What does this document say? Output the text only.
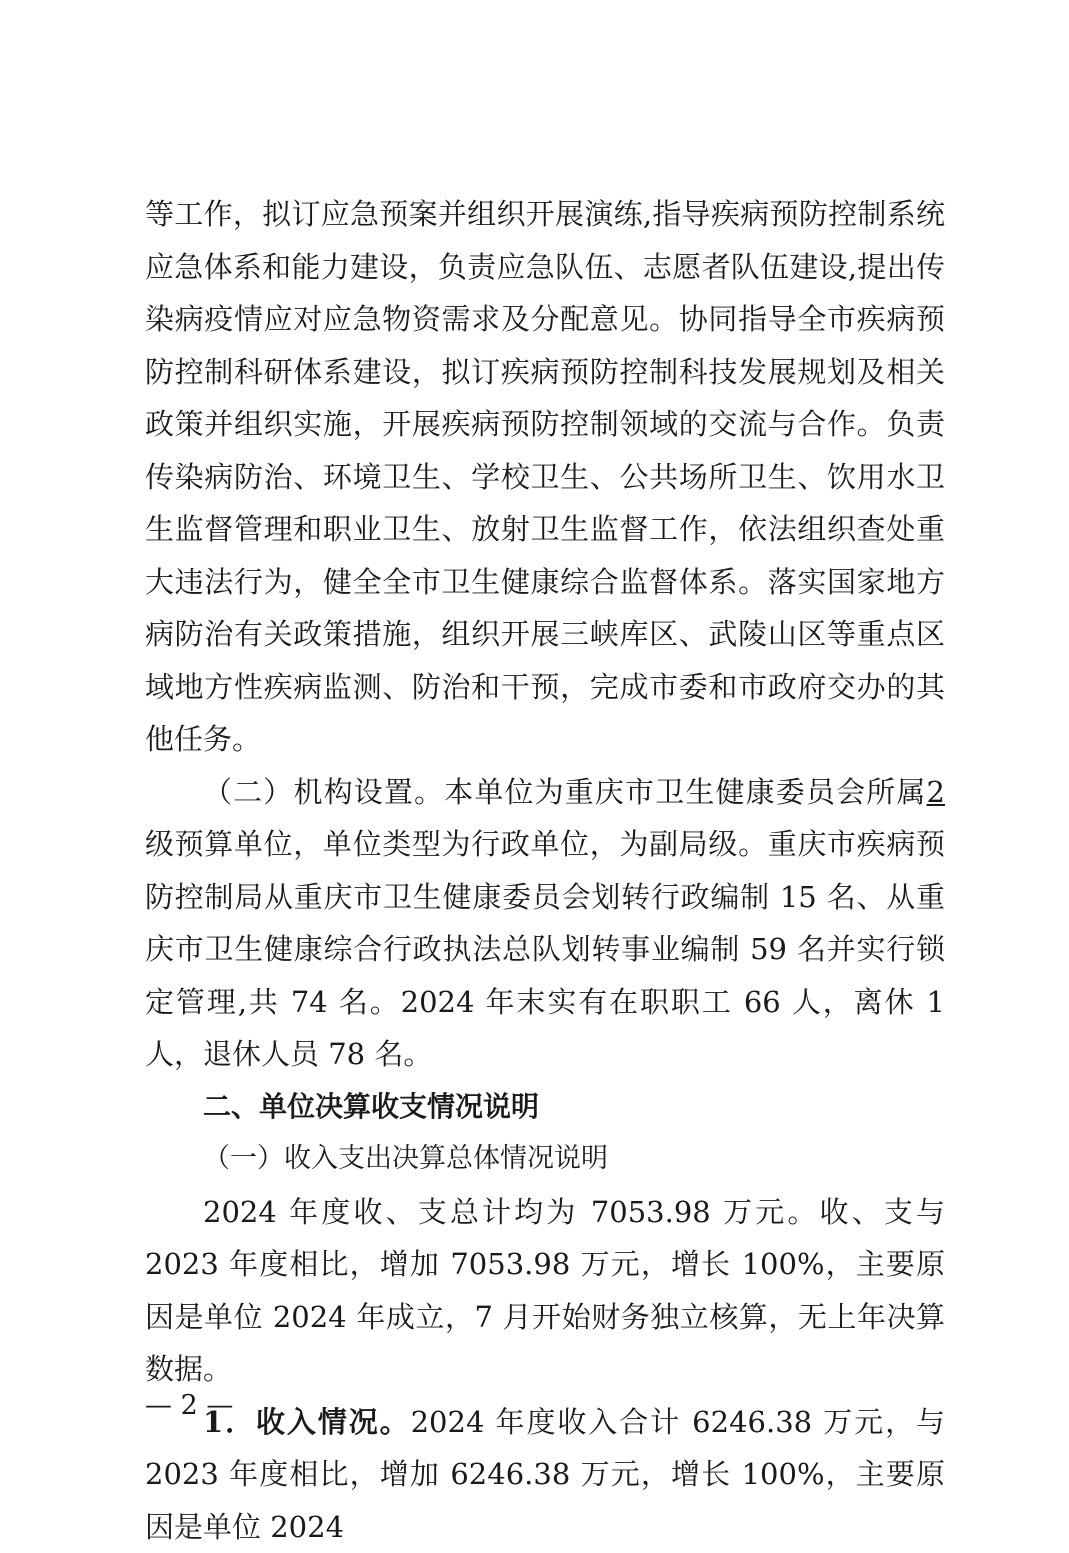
等工作，拟订应急预案并组织开展演练,指导疾病预防控制系统应急体系和能力建设，负责应急队伍、志愿者队伍建设,提出传染病疫情应对应急物资需求及分配意见。协同指导全市疾病预防控制科研体系建设，拟订疾病预防控制科技发展规划及相关政策并组织实施，开展疾病预防控制领域的交流与合作。负责传染病防治、环境卫生、学校卫生、公共场所卫生、饮用水卫生监督管理和职业卫生、放射卫生监督工作，依法组织查处重大违法行为，健全全市卫生健康综合监督体系。落实国家地方病防治有关政策措施，组织开展三峡库区、武陵山区等重点区域地方性疾病监测、防治和干预，完成市委和市政府交办的其他任务。

（二）机构设置。本单位为重庆市卫生健康委员会所属2级预算单位，单位类型为行政单位，为副局级。重庆市疾病预防控制局从重庆市卫生健康委员会划转行政编制 15 名、从重庆市卫生健康综合行政执法总队划转事业编制 59 名并实行锁定管理,共 74 名。2024 年末实有在职职工 66 人，离休 1 人，退休人员 78 名。

二、单位决算收支情况说明

（一）收入支出决算总体情况说明

2024 年度收、支总计均为 7053.98 万元。收、支与 2023 年度相比，增加 7053.98 万元，增长 100%，主要原因是单位 2024 年成立，7 月开始财务独立核算，无上年决算数据。

1．收入情况。2024 年度收入合计 6246.38 万元，与 2023 年度相比，增加 6246.38 万元，增长 100%，主要原因是单位 2024

— 2 —
